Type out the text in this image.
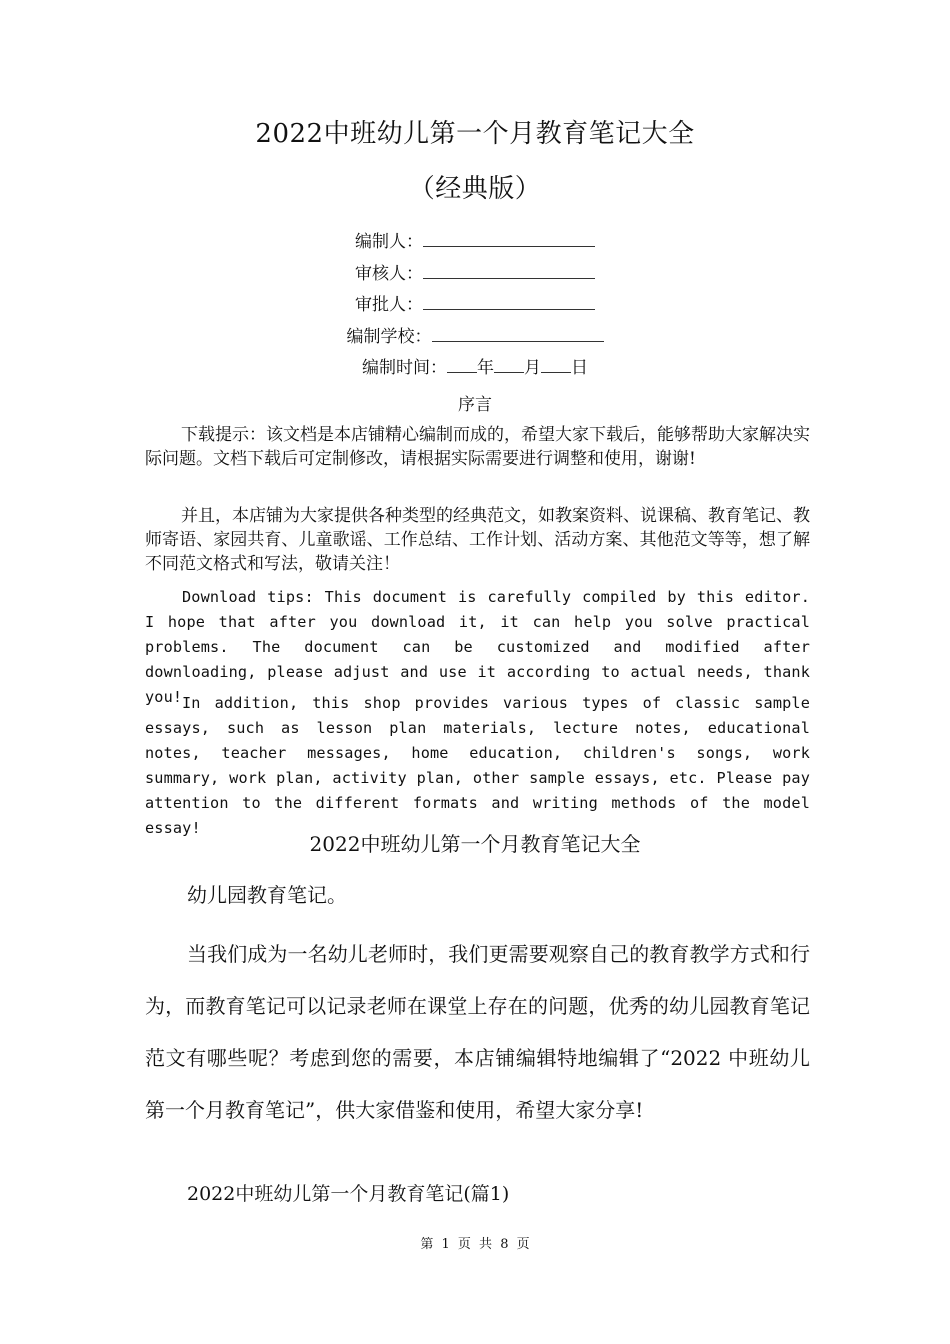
2022中班幼儿第一个月教育笔记大全
（经典版）
编制人：
审核人：
审批人：
编制学校：
编制时间： 年 月 日
序言
下载提示：该文档是本店铺精心编制而成的，希望大家下载后，能够帮助大家解决实际问题。文档下载后可定制修改，请根据实际需要进行调整和使用，谢谢!
并且，本店铺为大家提供各种类型的经典范文，如教案资料、说课稿、教育笔记、教师寄语、家园共育、儿童歌谣、工作总结、工作计划、活动方案、其他范文等等，想了解不同范文格式和写法，敬请关注！
Download tips: This document is carefully compiled by this editor. I hope that after you download it, it can help you solve practical problems. The document can be customized and modified after downloading, please adjust and use it according to actual needs, thank you! In addition, this shop provides various types of classic sample essays, such as lesson plan materials, lecture notes, educational notes, teacher messages, home education, children's songs, work summary, work plan, activity plan, other sample essays, etc. Please pay attention to the different formats and writing methods of the model essay!
2022中班幼儿第一个月教育笔记大全
幼儿园教育笔记。
当我们成为一名幼儿老师时，我们更需要观察自己的教育教学方式和行为，而教育笔记可以记录老师在课堂上存在的问题，优秀的幼儿园教育笔记范文有哪些呢？考虑到您的需要，本店铺编辑特地编辑了“2022 中班幼儿第一个月教育笔记”，供大家借鉴和使用，希望大家分享!
2022中班幼儿第一个月教育笔记(篇1)
第 1 页 共 8 页
